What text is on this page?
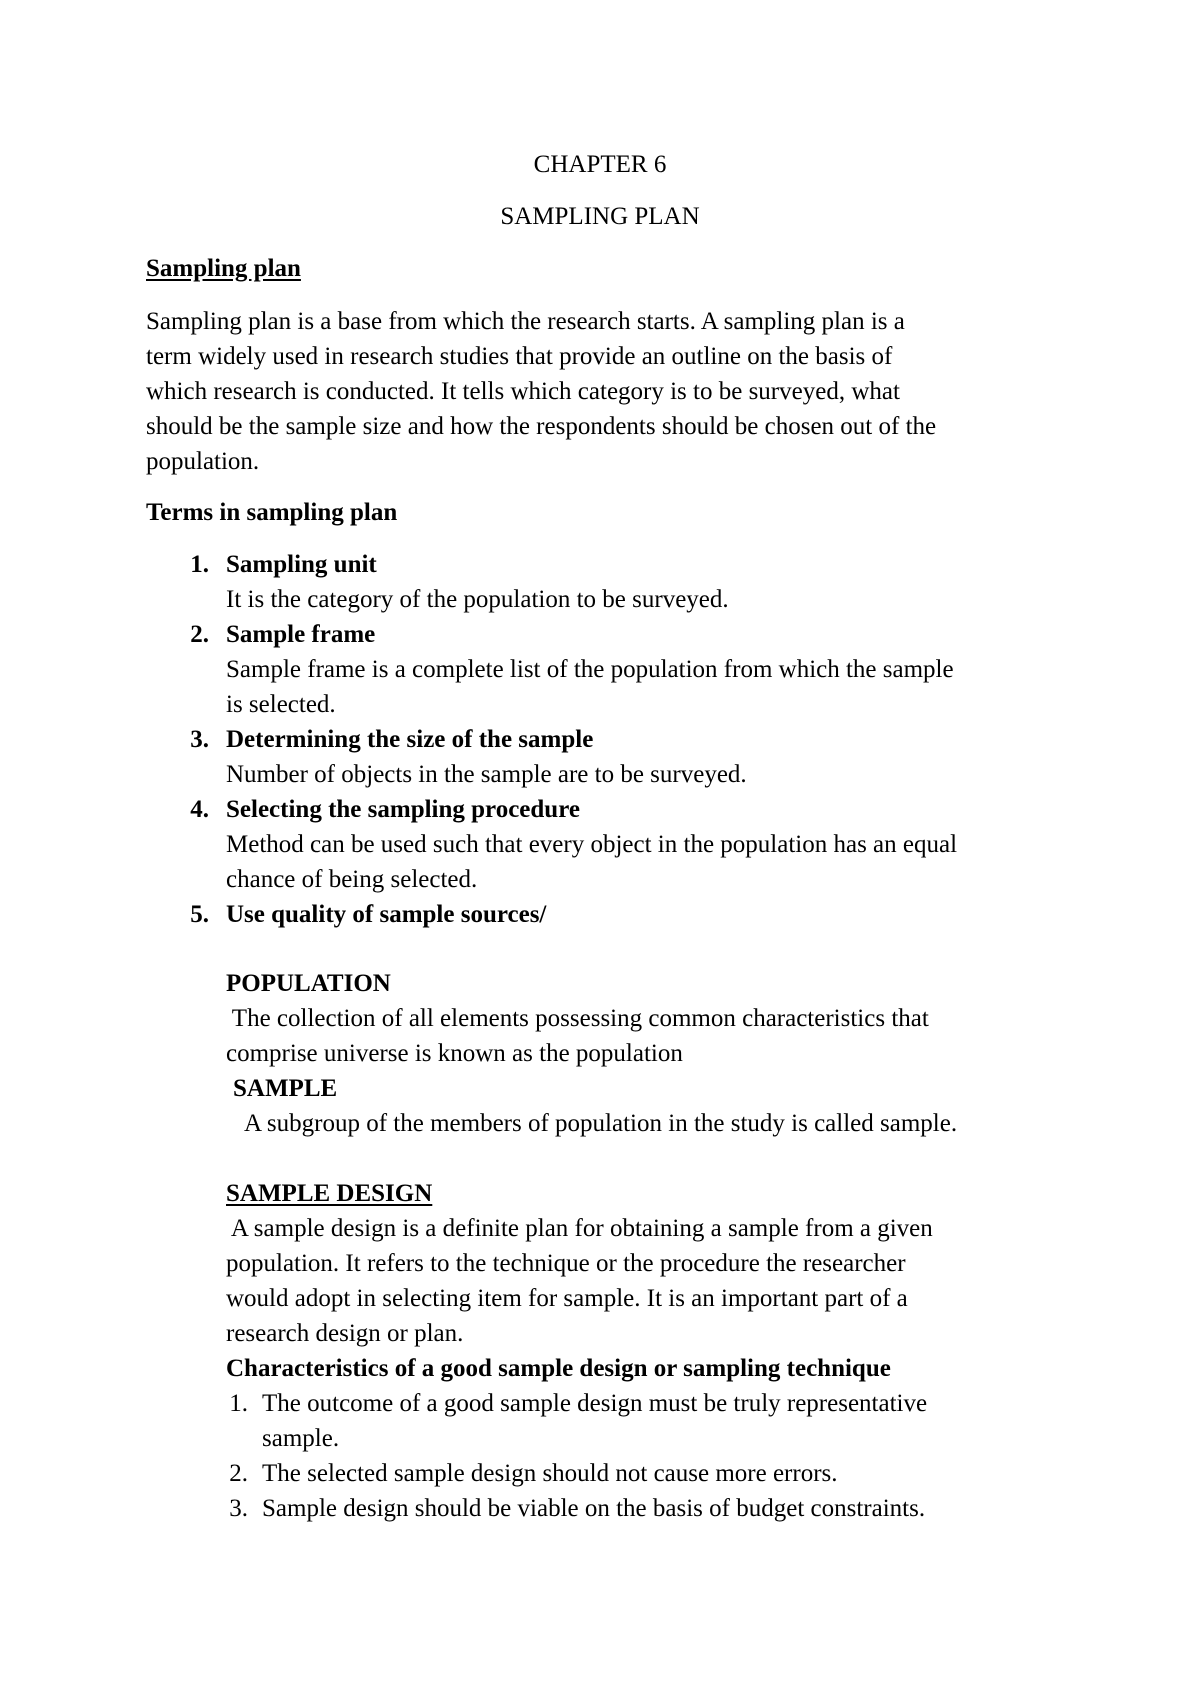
CHAPTER 6
SAMPLING PLAN
Sampling plan
Sampling plan is a base from which the research starts. A sampling plan is a
term widely used in research studies that provide an outline on the basis of
which research is conducted. It tells which category is to be surveyed, what
should be the sample size and how the respondents should be chosen out of the
population.
Terms in sampling plan
1. Sampling unit
It is the category of the population to be surveyed.
2. Sample frame
Sample frame is a complete list of the population from which the sample
is selected.
3. Determining the size of the sample
Number of objects in the sample are to be surveyed.
4. Selecting the sampling procedure
Method can be used such that every object in the population has an equal
chance of being selected.
5. Use quality of sample sources/
POPULATION
The collection of all elements possessing common characteristics that
comprise universe is known as the population
SAMPLE
A subgroup of the members of population in the study is called sample.
SAMPLE DESIGN
A sample design is a definite plan for obtaining a sample from a given
population. It refers to the technique or the procedure the researcher
would adopt in selecting item for sample. It is an important part of a
research design or plan.
Characteristics of a good sample design or sampling technique
1. The outcome of a good sample design must be truly representative
sample.
2. The selected sample design should not cause more errors.
3. Sample design should be viable on the basis of budget constraints.
